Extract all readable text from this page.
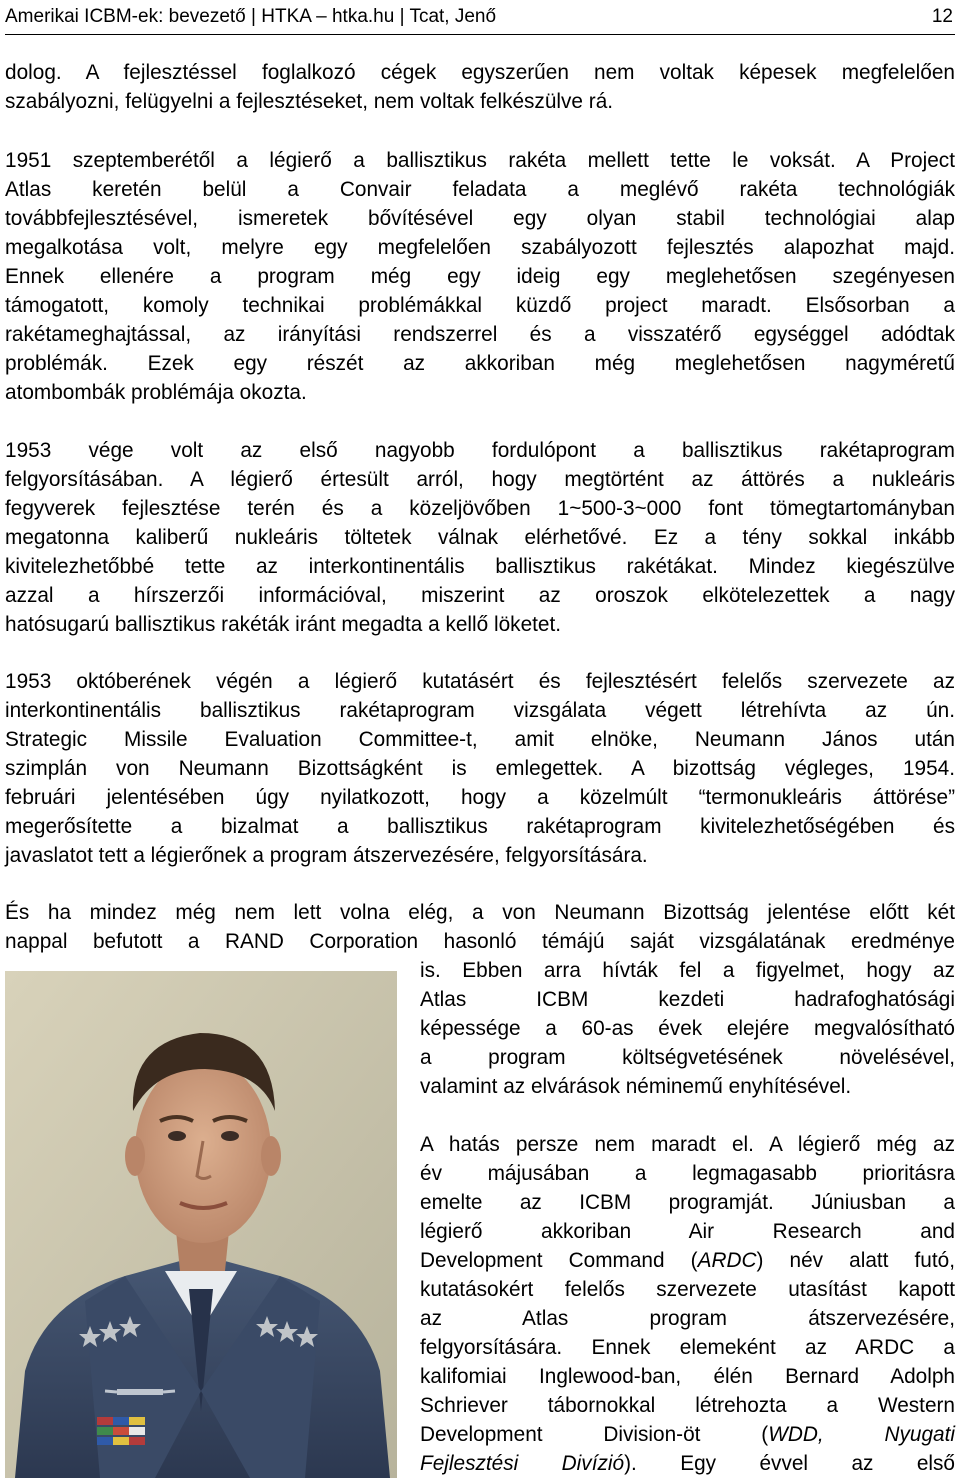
Amerikai ICBM-ek: bevezető | HTKA – htka.hu | Tcat, Jenő	12
dolog. A fejlesztéssel foglalkozó cégek egyszerűen nem voltak képesek megfelelően
szabályozni, felügyelni a fejlesztéseket, nem voltak felkészülve rá.
1951 szeptemberétől a légierő a ballisztikus rakéta mellett tette le voksát. A Project
Atlas keretén belül a Convair feladata a meglévő rakéta technológiák
továbbfejlesztésével, ismeretek bővítésével egy olyan stabil technológiai alap
megalkotása volt, melyre egy megfelelően szabályozott fejlesztés alapozhat majd.
Ennek ellenére a program még egy ideig egy meglehetősen szegényesen
támogatott, komoly technikai problémákkal küzdő project maradt. Elsősorban a
rakétameghajtással, az irányítási rendszerrel és a visszatérő egységgel adódtak
problémák. Ezek egy részét az akkoriban még meglehetősen nagyméretű
atombombák problémája okozta.
1953 vége volt az első nagyobb fordulópont a ballisztikus rakétaprogram
felgyorsításában. A légierő értesült arról, hogy megtörtént az áttörés a nukleáris
fegyverek fejlesztése terén és a közeljövőben 1~500-3~000 font tömegtartományban
megatonna kaliberű nukleáris töltetek válnak elérhetővé. Ez a tény sokkal inkább
kivitelezhetőbbé tette az interkontinentális ballisztikus rakétákat. Mindez kiegészülve
azzal a hírszerzői információval, miszerint az oroszok elkötelezettek a nagy
hatósugarú ballisztikus rakéták iránt megadta a kellő löketet.
1953 októberének végén a légierő kutatásért és fejlesztésért felelős szervezete az
interkontinentális ballisztikus rakétaprogram vizsgálata végett létrehívta az ún.
Strategic Missile Evaluation Committee-t, amit elnöke, Neumann János után
szimplán von Neumann Bizottságként is emlegettek. A bizottság végleges, 1954.
februári jelentésében úgy nyilatkozott, hogy a közelmúlt “termonukleáris áttörése”
megerősítette a bizalmat a ballisztikus rakétaprogram kivitelezhetőségében és
javaslatot tett a légierőnek a program átszervezésére, felgyorsítására.
És ha mindez még nem lett volna elég, a von Neumann Bizottság jelentése előtt két
nappal befutott a RAND Corporation hasonló témájú saját vizsgálatának eredménye
is. Ebben arra hívták fel a figyelmet, hogy az
Atlas ICBM kezdeti hadrafoghatósági
képessége a 60-as évek elejére megvalósítható
a program költségvetésének növelésével,
valamint az elvárások néminemű enyhítésével.
A hatás persze nem maradt el. A légierő még az
év májusában a legmagasabb prioritásra
emelte az ICBM programját. Júniusban a
légierő akkoriban Air Research and
Development Command (ARDC) név alatt futó,
kutatásokért felelős szervezete utasítást kapott
az Atlas program átszervezésére,
felgyorsítására. Ennek elemeként az ARDC a
kalifomiai Inglewood-ban, élén Bernard Adolph
Schriever tábornokkal létrehozta a Western
Development Division-öt (WDD, Nyugati
Fejlesztési Divízió). Egy évvel az első
